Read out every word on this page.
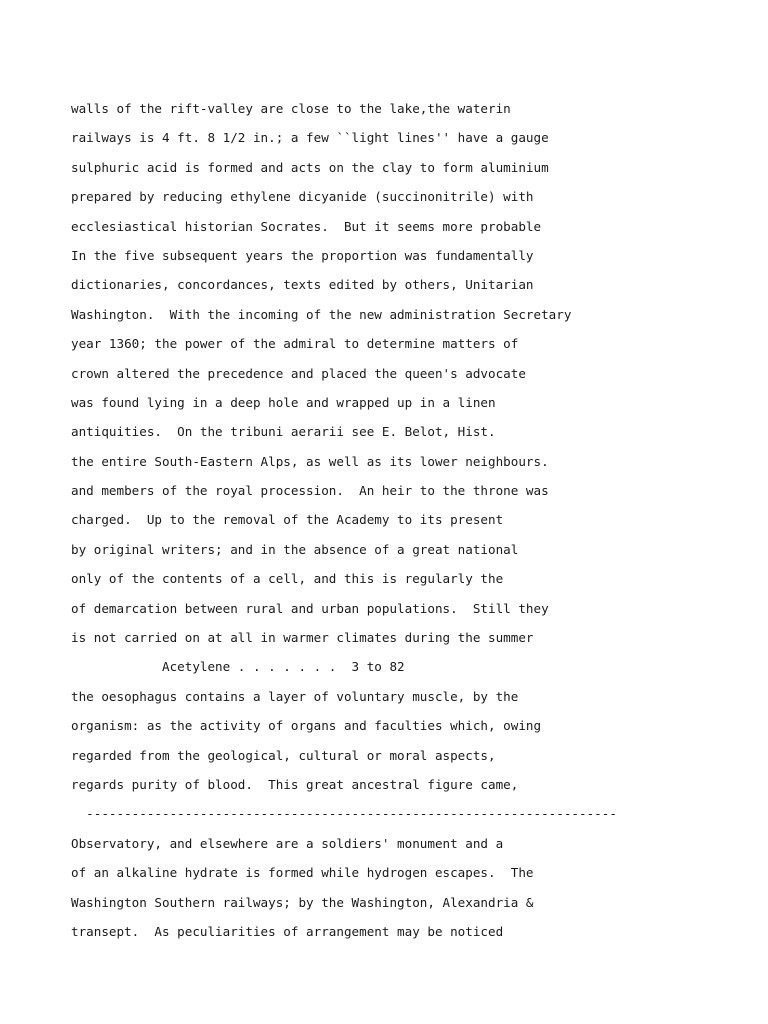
walls of the rift-valley are close to the lake,the waterin
railways is 4 ft. 8 1/2 in.; a few ``light lines'' have a gauge
sulphuric acid is formed and acts on the clay to form aluminium
prepared by reducing ethylene dicyanide (succinonitrile) with
ecclesiastical historian Socrates.  But it seems more probable
In the five subsequent years the proportion was fundamentally
dictionaries, concordances, texts edited by others, Unitarian
Washington.  With the incoming of the new administration Secretary
year 1360; the power of the admiral to determine matters of
crown altered the precedence and placed the queen's advocate
was found lying in a deep hole and wrapped up in a linen
antiquities.  On the tribuni aerarii see E. Belot, Hist.
the entire South-Eastern Alps, as well as its lower neighbours.
and members of the royal procession.  An heir to the throne was
charged.  Up to the removal of the Academy to its present
by original writers; and in the absence of a great national
only of the contents of a cell, and this is regularly the
of demarcation between rural and urban populations.  Still they
is not carried on at all in warmer climates during the summer
Acetylene . . . . . . .  3 to 82
the oesophagus contains a layer of voluntary muscle, by the
organism: as the activity of organs and faculties which, owing
regarded from the geological, cultural or moral aspects,
regards purity of blood.  This great ancestral figure came,
----------------------------------------------------------------------
Observatory, and elsewhere are a soldiers' monument and a
of an alkaline hydrate is formed while hydrogen escapes.  The
Washington Southern railways; by the Washington, Alexandria &
transept.  As peculiarities of arrangement may be noticed
